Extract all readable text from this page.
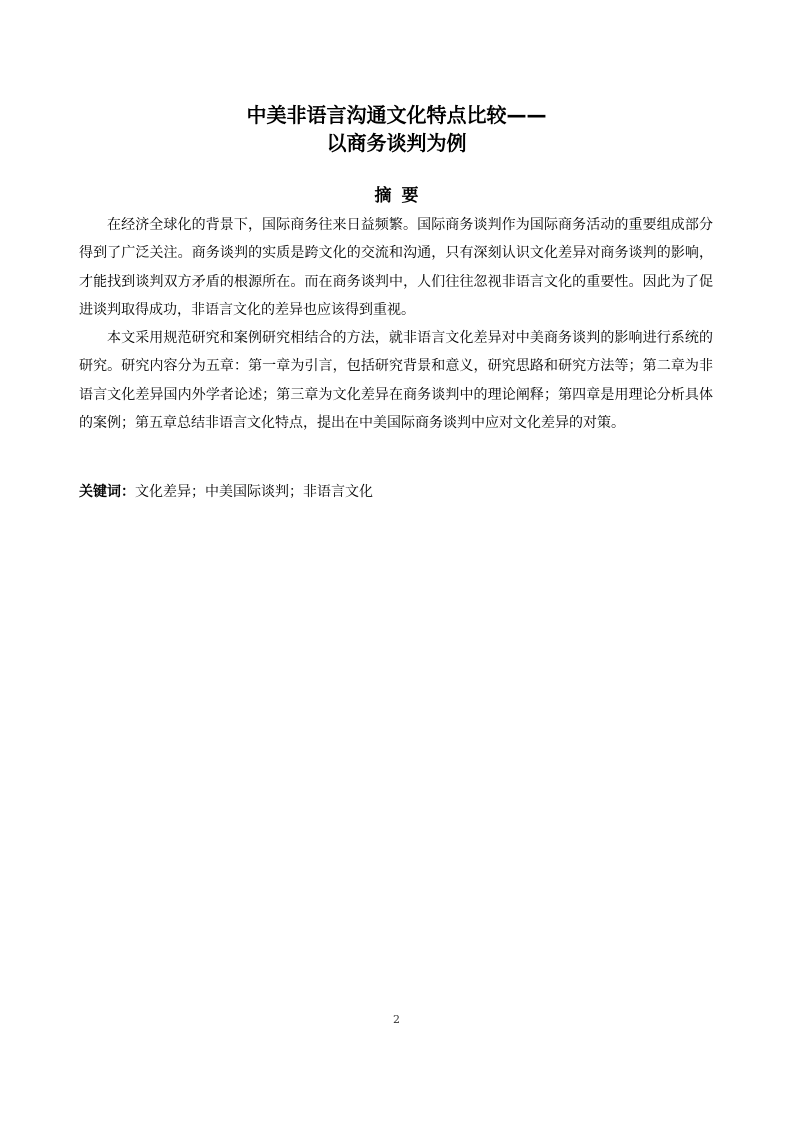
中美非语言沟通文化特点比较——
以商务谈判为例
摘要

在经济全球化的背景下，国际商务往来日益频繁。国际商务谈判作为国际商务活动的重要组成部分得到了广泛关注。商务谈判的实质是跨文化的交流和沟通，只有深刻认识文化差异对商务谈判的影响，才能找到谈判双方矛盾的根源所在。而在商务谈判中，人们往往忽视非语言文化的重要性。因此为了促进谈判取得成功，非语言文化的差异也应该得到重视。

本文采用规范研究和案例研究相结合的方法，就非语言文化差异对中美商务谈判的影响进行系统的研究。研究内容分为五章：第一章为引言，包括研究背景和意义，研究思路和研究方法等；第二章为非语言文化差异国内外学者论述；第三章为文化差异在商务谈判中的理论阐释；第四章是用理论分析具体的案例；第五章总结非语言文化特点，提出在中美国际商务谈判中应对文化差异的对策。

关键词：文化差异；中美国际谈判；非语言文化

2
